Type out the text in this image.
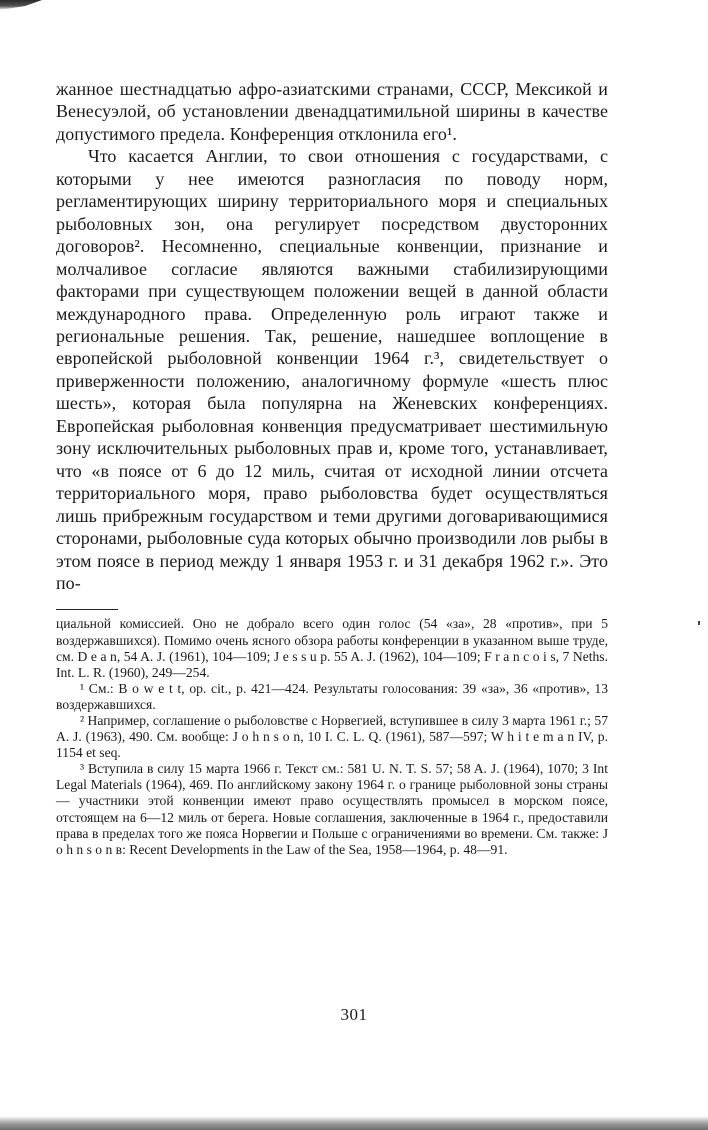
жанное шестнадцатью афро-азиатскими странами, СССР, Мексикой и Венесуэлой, об установлении двенадцатимильной ширины в качестве допустимого предела. Конференция отклонила его¹.

Что касается Англии, то свои отношения с государствами, с которыми у нее имеются разногласия по поводу норм, регламентирующих ширину территориального моря и специальных рыболовных зон, она регулирует посредством двусторонних договоров². Несомненно, специальные конвенции, признание и молчаливое согласие являются важными стабилизирующими факторами при существующем положении вещей в данной области международного права. Определенную роль играют также и региональные решения. Так, решение, нашедшее воплощение в европейской рыболовной конвенции 1964 г.³, свидетельствует о приверженности положению, аналогичному формуле «шесть плюс шесть», которая была популярна на Женевских конференциях. Европейская рыболовная конвенция предусматривает шестимильную зону исключительных рыболовных прав и, кроме того, устанавливает, что «в поясе от 6 до 12 миль, считая от исходной линии отсчета территориального моря, право рыболовства будет осуществляться лишь прибрежным государством и теми другими договаривающимися сторонами, рыболовные суда которых обычно производили лов рыбы в этом поясе в период между 1 января 1953 г. и 31 декабря 1962 г.». Это по-

циальной комиссией. Оно не добрало всего один голос (54 «за», 28 «против», при 5 воздержавшихся). Помимо очень ясного обзора работы конференции в указанном выше труде, см. D e a n, 54 A. J. (1961), 104—109; J e s s u p. 55 A. J. (1962), 104—109; F r a n c o i s, 7 Neths. Int. L. R. (1960), 249—254.

¹ См.: B o w e t t, op. cit., p. 421—424. Результаты голосования: 39 «за», 36 «против», 13 воздержавшихся.

² Например, соглашение о рыболовстве с Норвегией, вступившее в силу 3 марта 1961 г.; 57 A. J. (1963), 490. См. вообще: J o h n s o n, 10 I. C. L. Q. (1961), 587—597; W h i t e m a n IV, p. 1154 et seq.

³ Вступила в силу 15 марта 1966 г. Текст см.: 581 U. N. T. S. 57; 58 A. J. (1964), 1070; 3 Int Legal Materials (1964), 469. По английскому закону 1964 г. о границе рыболовной зоны страны — участники этой конвенции имеют право осуществлять промысел в морском поясе, отстоящем на 6—12 миль от берега. Новые соглашения, заключенные в 1964 г., предоставили права в пределах того же пояса Норвегии и Польше с ограничениями во времени. См. также: J o h n s o n в: Recent Developments in the Law of the Sea, 1958—1964, p. 48—91.

301
